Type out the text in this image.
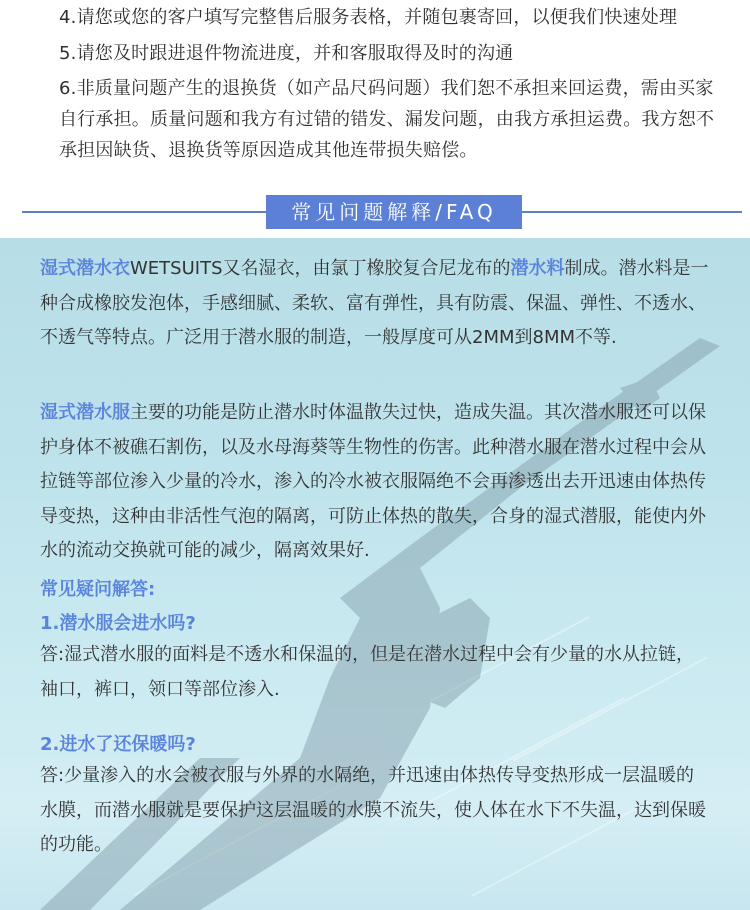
4.请您或您的客户填写完整售后服务表格，并随包裹寄回，以便我们快速处理
5.请您及时跟进退件物流进度，并和客服取得及时的沟通
6.非质量问题产生的退换货（如产品尺码问题）我们恕不承担来回运费，需由买家自行承担。质量问题和我方有过错的错发、漏发问题，由我方承担运费。我方恕不承担因缺货、退换货等原因造成其他连带损失赔偿。
常见问题解释/FAQ
湿式潜水衣WETSUITS又名湿衣，由氯丁橡胶复合尼龙布的潜水料制成。潜水料是一种合成橡胶发泡体，手感细腻、柔软、富有弹性，具有防震、保温、弹性、不透水、不透气等特点。广泛用于潜水服的制造，一般厚度可从2MM到8MM不等.
湿式潜水服主要的功能是防止潜水时体温散失过快，造成失温。其次潜水服还可以保护身体不被礁石割伤，以及水母海葵等生物性的伤害。此种潜水服在潜水过程中会从拉链等部位渗入少量的冷水，渗入的冷水被衣服隔绝不会再渗透出去开迅速由体热传导变热，这种由非活性气泡的隔离，可防止体热的散失，合身的湿式潜服，能使内外水的流动交换就可能的减少，隔离效果好.
常见疑问解答:
1.潜水服会进水吗?
答:湿式潜水服的面料是不透水和保温的，但是在潜水过程中会有少量的水从拉链，袖口，裤口，领口等部位渗入.
2.进水了还保暖吗?
答:少量渗入的水会被衣服与外界的水隔绝，并迅速由体热传导变热形成一层温暖的水膜，而潜水服就是要保护这层温暖的水膜不流失，使人体在水下不失温，达到保暖的功能。
